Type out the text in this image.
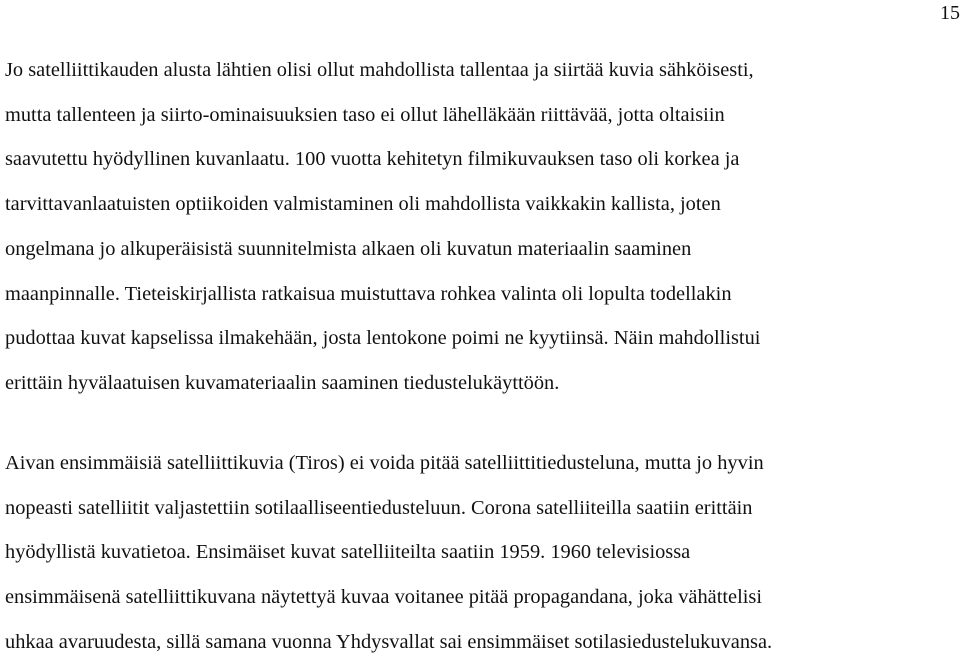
15

Jo satelliittikauden alusta lähtien olisi ollut mahdollista tallentaa ja siirtää kuvia sähköisesti,
mutta tallenteen ja siirto-ominaisuuksien taso ei ollut lähelläkään riittävää, jotta oltaisiin
saavutettu hyödyllinen kuvanlaatu. 100 vuotta kehitetyn filmikuvauksen taso oli korkea ja
tarvittavanlaatuisten optiikoiden valmistaminen oli mahdollista vaikkakin kallista, joten
ongelmana jo alkuperäisistä suunnitelmista alkaen oli kuvatun materiaalin saaminen
maanpinnalle. Tieteiskirjallista ratkaisua muistuttava rohkea valinta oli lopulta todellakin
pudottaa kuvat kapselissa ilmakehään, josta lentokone poimi ne kyytiinsä. Näin mahdollistui
erittäin hyvälaatuisen kuvamateriaalin saaminen tiedustelukäyttöön.

Aivan ensimmäisiä satelliittikuvia (Tiros) ei voida pitää satelliittitiedusteluna, mutta jo hyvin
nopeasti satelliitit valjastettiin sotilaalliseentiedusteluun. Corona satelliiteilla saatiin erittäin
hyödyllistä kuvatietoa. Ensimäiset kuvat satelliiteilta saatiin 1959. 1960 televisiossa
ensimmäisenä satelliittikuvana näytettyä kuvaa voitanee pitää propagandana, joka vähättelisi
uhkaa avaruudesta, sillä samana vuonna Yhdysvallat sai ensimmäiset sotilasiedustelukuvansa.
